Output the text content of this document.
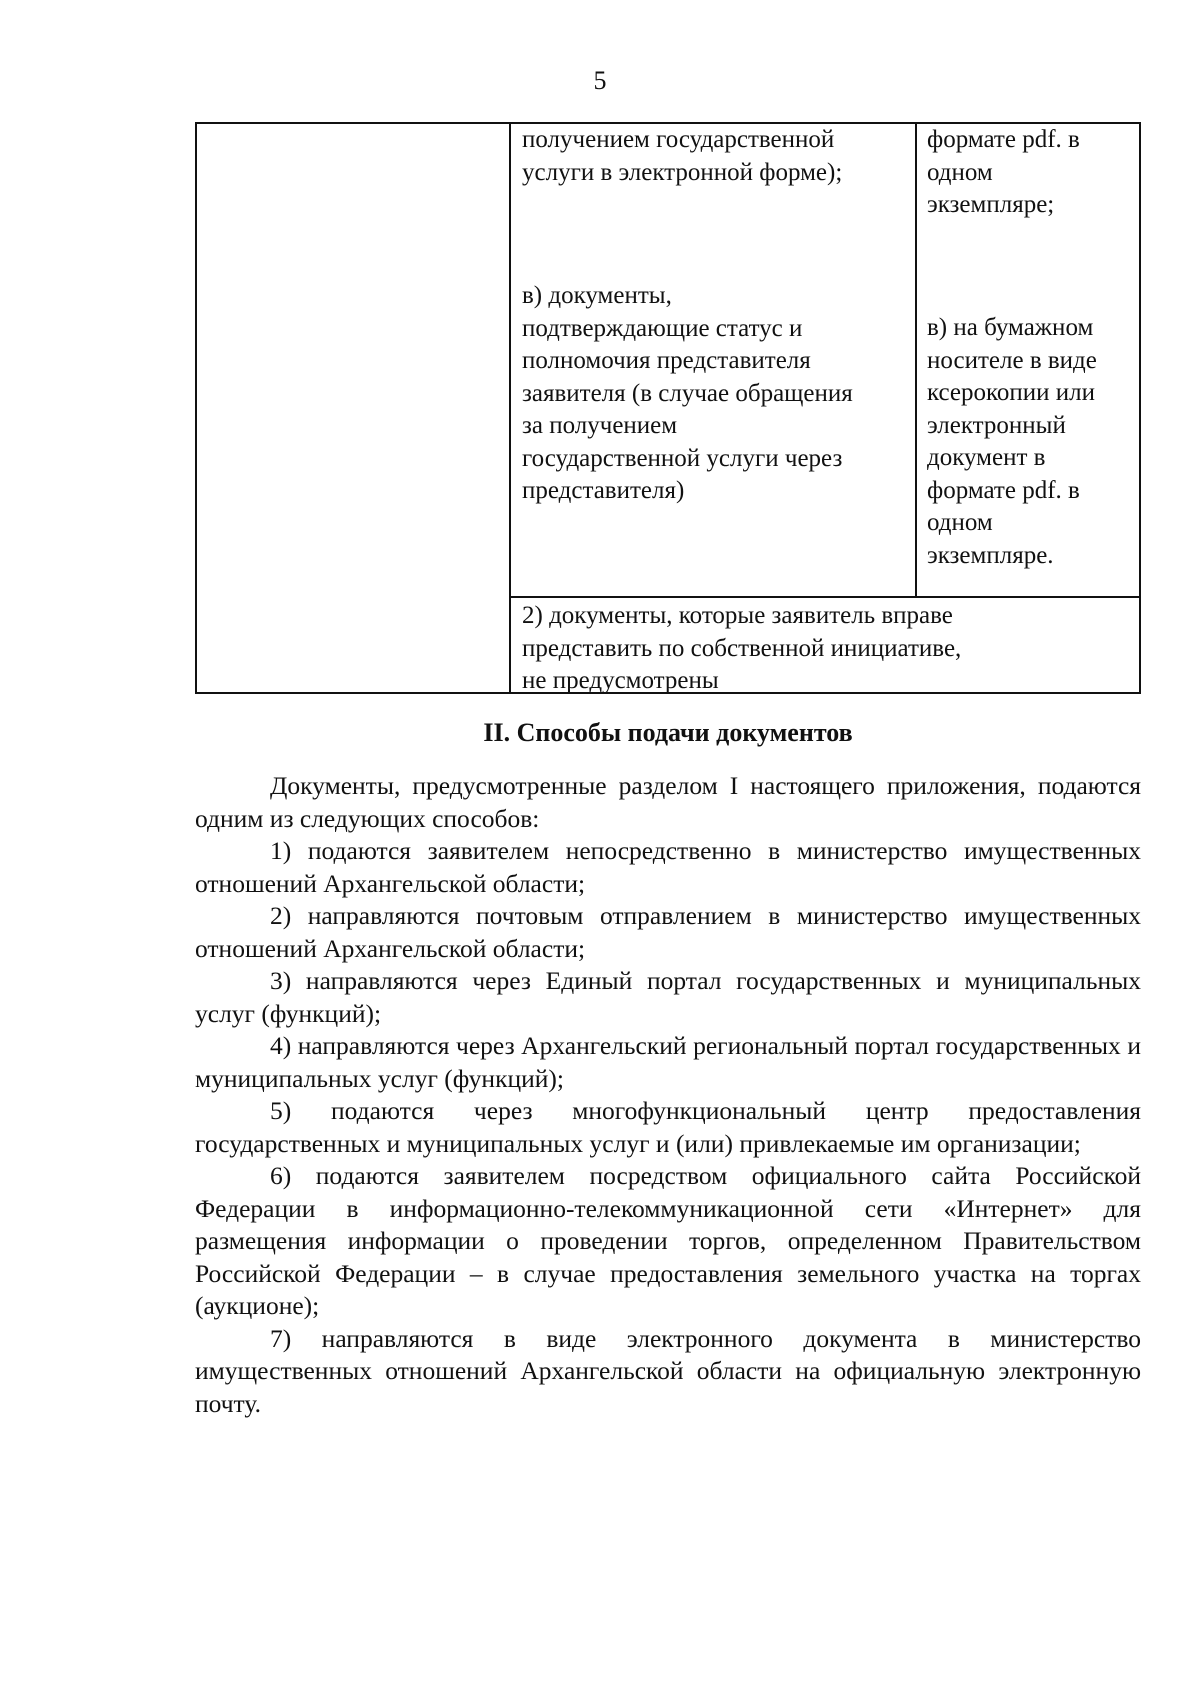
5
получением государственной
услуги в электронной форме);
формате pdf. в
одном
экземпляре;
в) документы,
подтверждающие статус и
полномочия представителя
заявителя (в случае обращения
за получением
государственной услуги через
представителя)
в) на бумажном
носителе в виде
ксерокопии или
электронный
документ в
формате pdf. в
одном
экземпляре.
2) документы, которые заявитель вправе
представить по собственной инициативе,
не предусмотрены
II. Способы подачи документов

Документы, предусмотренные разделом I настоящего приложения, подаются одним из следующих способов:

1) подаются заявителем непосредственно в министерство имущественных отношений Архангельской области;

2) направляются почтовым отправлением в министерство имущественных отношений Архангельской области;

3) направляются через Единый портал государственных и муниципальных услуг (функций);

4) направляются через Архангельский региональный портал государственных и муниципальных услуг (функций);

5) подаются через многофункциональный центр предоставления государственных и муниципальных услуг и (или) привлекаемые им организации;

6) подаются заявителем посредством официального сайта Российской Федерации в информационно-телекоммуникационной сети «Интернет» для размещения информации о проведении торгов, определенном Правительством Российской Федерации – в случае предоставления земельного участка на торгах (аукционе);

7) направляются в виде электронного документа в министерство имущественных отношений Архангельской области на официальную электронную почту.
